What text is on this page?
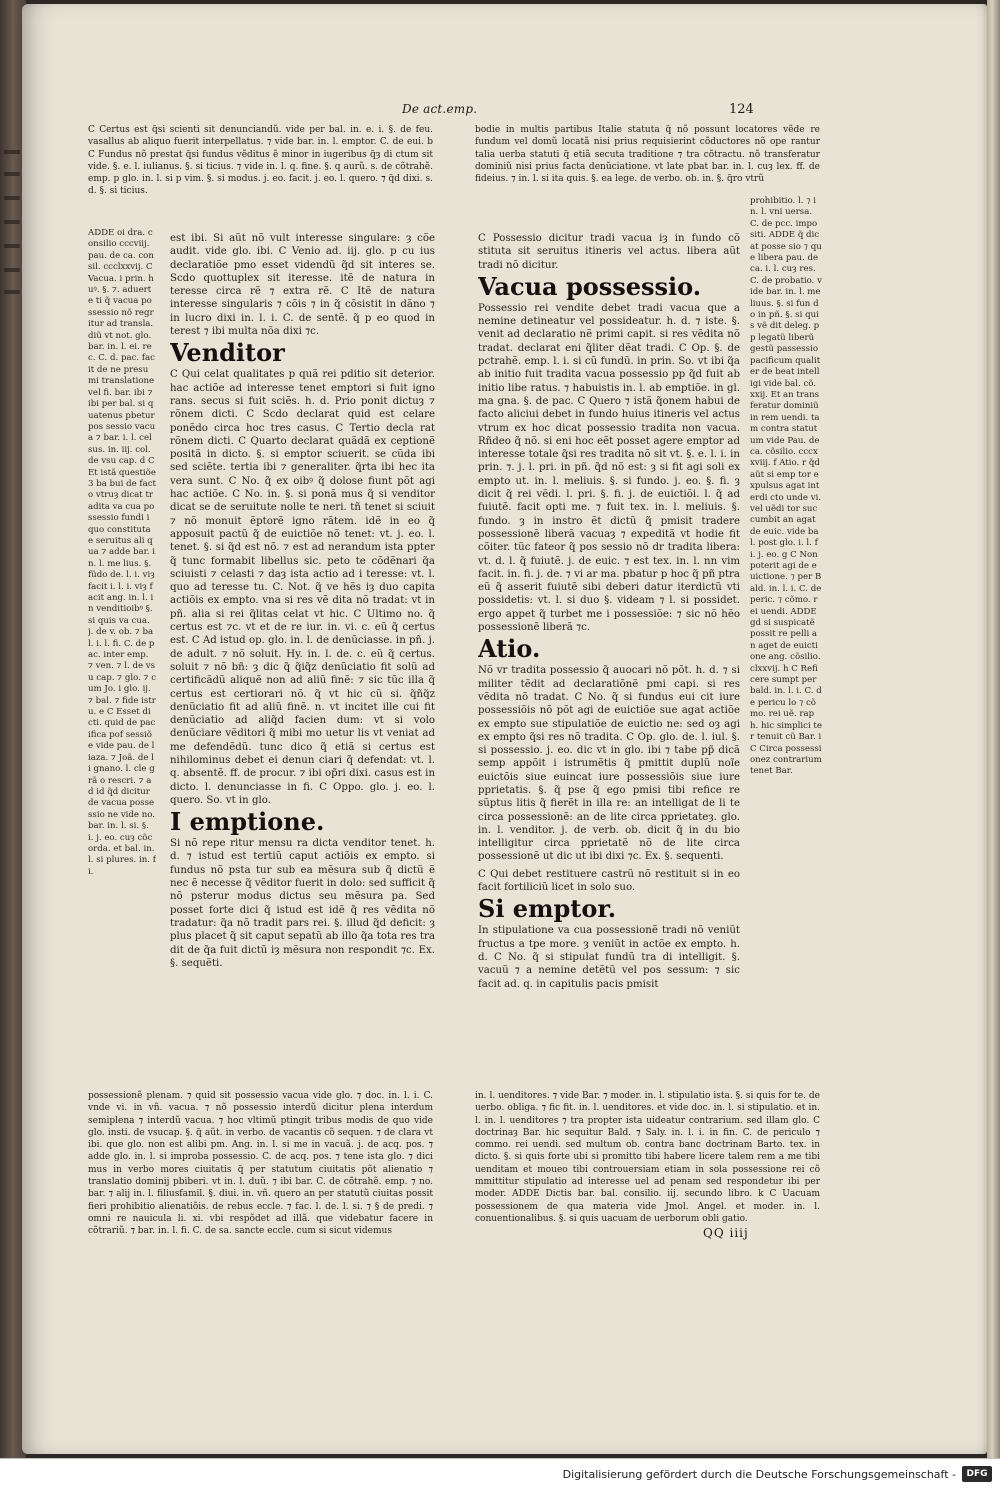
De act.emp.	124

C Certus est q̃si scienti sit denunciandũ. vide per bal. in. e. i. §. de feu. vasallus ab aliquo fuerit interpellatus. ⁊ vide bar. in. l. emptor. C. de eui. b C Fundus nõ prestat q̃si fundus vẽditus ẽ minor in iugeribus q̃ȝ di ctum sit vide. §. e. l. iulianus. §. si ticius. ⁊ vide in. l. q. fine. §. q aurũ. s. de cõtrahẽ. emp. p glo. in. l. si p vim. §. si modus. j. eo. facit. j. eo. l. quero. ⁊ q̃d dixi. s. d. §. si ticius.

bodie in multis partibus Italie statuta q̃ nõ possunt locatores vẽde re fundum vel domũ locatã nisi prius requisierint cõductores nõ ope rantur talia uerba statuti q̃ etiã secuta traditione ⁊ tra cõtractu. nõ transferatur dominiũ nisi prius facta denũciatione. vt late pbat bar. in. l. cuȝ lex. ff. de fideius. ⁊ in. l. si ita quis. §. ea lege. de verbo. ob. in. §. q̃ro vtrũ

ADDE oi dra. consilio cccviij. pau. de ca. consil. ccclxxvij. C Vacua. i prin. huꝰ. §. ⁊. aduerte ti q̃ vacua possessio nõ regritur ad transla. diũ vt not. glo. bar. in. l. ei. rec. C. d. pac. facit de ne presumi translatione vel fi. bar. ibi ⁊ ibi per bal. si quatenus pbetur pos sessio vacua ⁊ bar. i. l. cel sus. in. iij. col. de vsu cap. d C Et istã questiõe3 ba bui de facto vtruȝ dicat tradita va cua possessio fundi i quo constituta e seruitus ali qua ⁊ adde bar. in. l. me lius. §. fũdo de. l. i. viȝ facit i. l. i. viȝ facit ang. in. l. in venditioibꝰ §. si quis va cua. j. de v. ob. ⁊ bal. i. l. fi. C. de pac. inter emp. ⁊ ven. ⁊ l. de vsu cap. ⁊ glo. ⁊ cum Jo. i glo. ij. ⁊ bal. ⁊ fide istru. e C Esset di cti. quid de pacifica pof sessiõe vide pau. de liaza. ⁊ Joã. de li gnano. l. cle grã o rescri. ⁊ ad id q̃d dicitur de vacua possessio ne vide no. bar. in. l. si. §. i. j. eo. cuȝ cõcorda. et bal. in. l. si plures. in. fi.

est ibi. Si aũt nõ vult interesse singulare: ȝ cõe audit. vide glo. ibi. C Venio ad. iij. glo. p cu ius declaratiõe pmo esset videndũ q̃d sit interes se. Scdo quottuplex sit iteresse. itẽ de natura in teresse circa rẽ ⁊ extra rẽ. C Itẽ de natura interesse singularis ⁊ cõis ⁊ in q̃ cõsistit in dãno ⁊ in lucro dixi in. l. i. C. de sentẽ. q̃ p eo quod in terest ⁊ ibi multa nõa dixi ⁊c.

Venditor

C Qui celat qualitates p quã rei pditio sit deterior. hac actiõe ad interesse tenet emptori si fuit igno rans. secus si fuit sciẽs. h. d. Prio ponit dictuȝ ⁊ rõnem dicti. C Scdo declarat quid est celare ponẽdo circa hoc tres casus. C Tertio decla rat rõnem dicti. C Quarto declarat quãdã ex ceptionẽ positã in dicto. §. si emptor sciuerit. se cũda ibi sed sciẽte. tertia ibi ⁊ generaliter. q̃rta ibi hec ita vera sunt. C No. q̃ ex oibꝰ q̃ dolose fiunt põt agi hac actiõe. C No. in. §. si ponã mus q̃ si venditor dicat se de seruitute nolle te neri. tñ tenet si sciuit ⁊ nõ monuit ẽptorẽ igno rãtem. idẽ in eo q̃ apposuit pactũ q̃ de euictiõe nõ tenet: vt. j. eo. l. tenet. §. si q̃d est nõ. ⁊ est ad nerandum ista ppter q̃ tunc formabit libellus sic. peto te cõdẽnari q̃a sciuisti ⁊ celasti ⁊ daȝ ista actio ad i teresse: vt. l. quo ad teresse tu. C. Not. q̃ ve hẽs iȝ duo capita actiõis ex empto. vna si res vẽ dita nõ tradat: vt in pñ. alia si rei q̃litas celat vt hic. C Ultimo no. q̃ certus est ⁊c. vt et de re iur. in. vi. c. eũ q̃ certus est. C Ad istud op. glo. in. l. de denũciasse. in pñ. j. de adult. ⁊ nõ soluit. Hy. in. l. de. c. eũ q̃ certus. soluit ⁊ nõ bñ: ȝ dic q̃ q̃iq̃z denũciatio fit solũ ad certificãdũ aliquẽ non ad aliũ finẽ: ⁊ sic tũc illa q̃ certus est certiorari nõ. q̃ vt hic cũ si. q̃ñq̃z denũciatio fit ad aliũ finẽ. n. vt incitet ille cui fit denũciatio ad aliq̃d facien dum: vt si volo denũciare vẽditori q̃ mibi mo uetur lis vt veniat ad me defendẽdũ. tunc dico q̃ etiã si certus est nihilominus debet ei denun ciari q̃ defendat: vt. l. q. absentẽ. ff. de procur. ⁊ ibi op̃ri dixi. casus est in dicto. l. denunciasse in fi. C Oppo. glo. j. eo. l. quero. So. vt in glo.

I emptione.

Si nõ repe ritur mensu ra dicta venditor tenet. h. d. ⁊ istud est tertiũ caput actiõis ex empto. si fundus nõ psta tur sub ea mẽsura sub q̃ dictũ ẽ nec ẽ necesse q̃ vẽditor fuerit in dolo: sed sufficit q̃ nõ psterur modus dictus seu mẽsura pa. Sed posset forte dici q̃ istud est idẽ q̃ res vẽdita nõ tradatur: q̃a nõ tradit pars rei. §. illud q̃d deficit: ȝ plus placet q̃ sit caput sepatũ ab illo q̃a tota res tra dit de q̃a fuit dictũ iȝ mẽsura non respondit ⁊c. Ex. §. sequẽti.

C Possessio dicitur tradi vacua iȝ in fundo cõ stituta sit seruitus itineris vel actus. libera aũt tradi nõ dicitur.

Vacua possessio.

Possessio rei vendite debet tradi vacua que a nemine detineatur vel possideatur. h. d. ⁊ iste. §. venit ad declaratio nẽ primi capit. si res vẽdita nõ tradat. declarat eni q̃liter dẽat tradi. C Op. §. de pctrahẽ. emp. l. i. si cũ fundũ. in prin. So. vt ibi q̃a ab initio fuit tradita vacua possessio pp q̃d fuit ab initio libe ratus. ⁊ habuistis in. l. ab emptiõe. in gl. ma gna. §. de pac. C Quero ⁊ istã q̃onem habui de facto aliciui debet in fundo huius itineris vel actus vtrum ex hoc dicat possessio tradita non vacua. Rñdeo q̃ nõ. si eni hoc eẽt posset agere emptor ad interesse totale q̃si res tradita nõ sit vt. §. e. l. i. in prin. ⁊. j. l. pri. in pñ. q̃d nõ est: ȝ si fit agi soli ex empto ut. in. l. meliuis. §. si fundo. j. eo. §. fi. ȝ dicit q̃ rei vẽdi. l. pri. §. fi. j. de euictiõi. l. q̃ ad fuiutẽ. facit opti me. ⁊ fuit tex. in. l. meliuis. §. fundo. ȝ in instro ẽt dictũ q̃ pmisit tradere possessionẽ liberã vacuaȝ ⁊ expeditã vt hodie fit cõiter. tũc fateor q̃ pos sessio nõ dr tradita libera: vt. d. l. q̃ fuiutẽ. j. de euic. ⁊ est tex. in. l. nn vim facit. in. fi. j. de. ⁊ vi ar ma. pbatur p hoc q̃ pñ ptra eũ q̃ asserit fuiutẽ sibi deberi datur iterdictũ vti possidetis: vt. l. si duo §. videam ⁊ l. si possidet. ergo appet q̃ turbet me i possessiõe: ⁊ sic nõ hẽo possessionẽ liberã ⁊c.

Atio.

Nõ vr tradita possessio q̃ auocari nõ põt. h. d. ⁊ si militer tẽdit ad declaratiõnẽ pmi capi. si res vẽdita nõ tradat. C No. q̃ si fundus eui cit iure possessiõis nõ põt agi de euictiõe sue agat actiõe ex empto sue stipulatiõe de euictio ne: sed oȝ agi ex empto q̃si res nõ tradita. C Op. glo. de. l. iul. §. si possessio. j. eo. dic vt in glo. ibi ⁊ tabe pp̃ dicã semp appõit i istrumẽtis q̃ pmittit duplũ noĩe euictõis siue euincat iure possessiõis siue iure pprietatis. §. q̃ pse q̃ ego pmisi tibi refice re sũptus litis q̃ fierẽt in illa re: an intelligat de li te circa possessionẽ: an de lite circa pprietateȝ. glo. in. l. venditor. j. de verb. ob. dicit q̃ in du bio intelligitur circa pprietatẽ nõ de lite circa possessionẽ ut dic ut ibi dixi ⁊c. Ex. §. sequenti.

C Qui debet restituere castrũ nõ restituit si in eo facit fortiliciũ licet in solo suo.

Si emptor.

In stipulatione va cua possessionẽ tradi nõ veniũt fructus a tpe more. ȝ veniũt in actõe ex empto. h. d. C No. q̃ si stipulat fundũ tra di intelligit. §. vacuũ ⁊ a nemine detẽtũ vel pos sessum: ⁊ sic facit ad. q. in capitulis pacis pmisit

prohibitio. l. ⁊ in. l. vni uersa. C. de pcc. impo siti. ADDE q̃ dicat posse sio ⁊ que libera pau. de ca. i. l. cuȝ res. C. de probatio. vide bar. in. l. me liuus. §. si fun do in pñ. §. si quis vẽ dit deleg. pp legatũ liberũ gestũ passessio pacificum qualiter de beat intelligi vide bal. cõ. xxij. Et an transferatur dominiũ in rem uendi. tam contra statutum vide Pau. de ca. cõsilio. cccxxviij. f Atio. r q̃d aũt si emp tor expulsus agat interdi cto unde vi. vel uẽdi tor succumbit an agat de euic. vide bal. post glo. i. l. fi. j. eo. g C Non poterit agi de euictione. ⁊ per Bald. in. l. i. C. de peric. ⁊ cõmo. rei uendi. ADDE gd si suspicatẽ possit re pelli an aget de euictione ang. cõsilio. clxxvij. h C Reficere sumpt per bald. in. l. i. C. de pericu lo ⁊ cõmo. rei uẽ. raph. hic simplici ter tenuit cũ Bar. i C Circa possessionez contrarium tenet Bar.

possessionẽ plenam. ⁊ quid sit possessio vacua vide glo. ⁊ doc. in. l. i. C. vnde vi. in vñ. vacua. ⁊ nõ possessio interdũ dicitur plena interdum semiplena ⁊ interdũ vacua. ⁊ hoc vltimũ ptingit tribus modis de quo vide glo. insti. de vsucap. §. q̃ aũt. in verbo. de vacantis cõ sequen. ⁊ de clara vt ibi. que glo. non est alibi pm. Ang. in. l. si me in vacuã. j. de acq. pos. ⁊ adde glo. in. l. si improba possessio. C. de acq. pos. ⁊ tene ista glo. ⁊ dici mus in verbo mores ciuitatis q̃ per statutum ciuitatis põt alienatio ⁊ translatio dominij pbiberi. vt in. l. duũ. ⁊ ibi bar. C. de cõtrahẽ. emp. ⁊ no. bar. ⁊ alij in. l. filiusfamil. §. diui. in. vñ. quero an per statutũ ciuitas possit fieri prohibitio alienatiõis. de rebus eccle. ⁊ fac. l. de. l. si. ⁊ § de predi. ⁊ omni re nauicula li. xi. vbi respõdet ad illã. que videbatur facere in cõtrariũ. ⁊ bar. in. l. fi. C. de sa. sancte eccle. cum si sicut videmus

in. l. uenditores. ⁊ vide Bar. ⁊ moder. in. l. stipulatio ista. §. si quis for te. de uerbo. obliga. ⁊ fic fit. in. l. uenditores. et vide doc. in. l. si stipulatio. et in. l. in. l. uenditores ⁊ tra propter ista uideatur contrarium. sed illam glo. C doctrinaȝ Bar. hic sequitur Bald. ⁊ Saly. in. l. i. in fin. C. de periculo ⁊ commo. rei uendi. sed multum ob. contra banc doctrinam Barto. tex. in dicto. §. si quis forte ubi si promitto tibi habere licere talem rem a me tibi uenditam et moueo tibi controuersiam etiam in sola possessione rei cõ mmittitur stipulatio ad interesse uel ad penam sed respondetur ibi per moder. ADDE Dictis bar. bal. consilio. iij. secundo libro. k C Uacuam possessionem de qua materia vide Jmol. Angel. et moder. in. l. conuentionalibus. §. si quis uacuam de uerborum obli gatio.

QQ iiij
Digitalisierung gefördert durch die Deutsche Forschungsgemeinschaft -	DFG
